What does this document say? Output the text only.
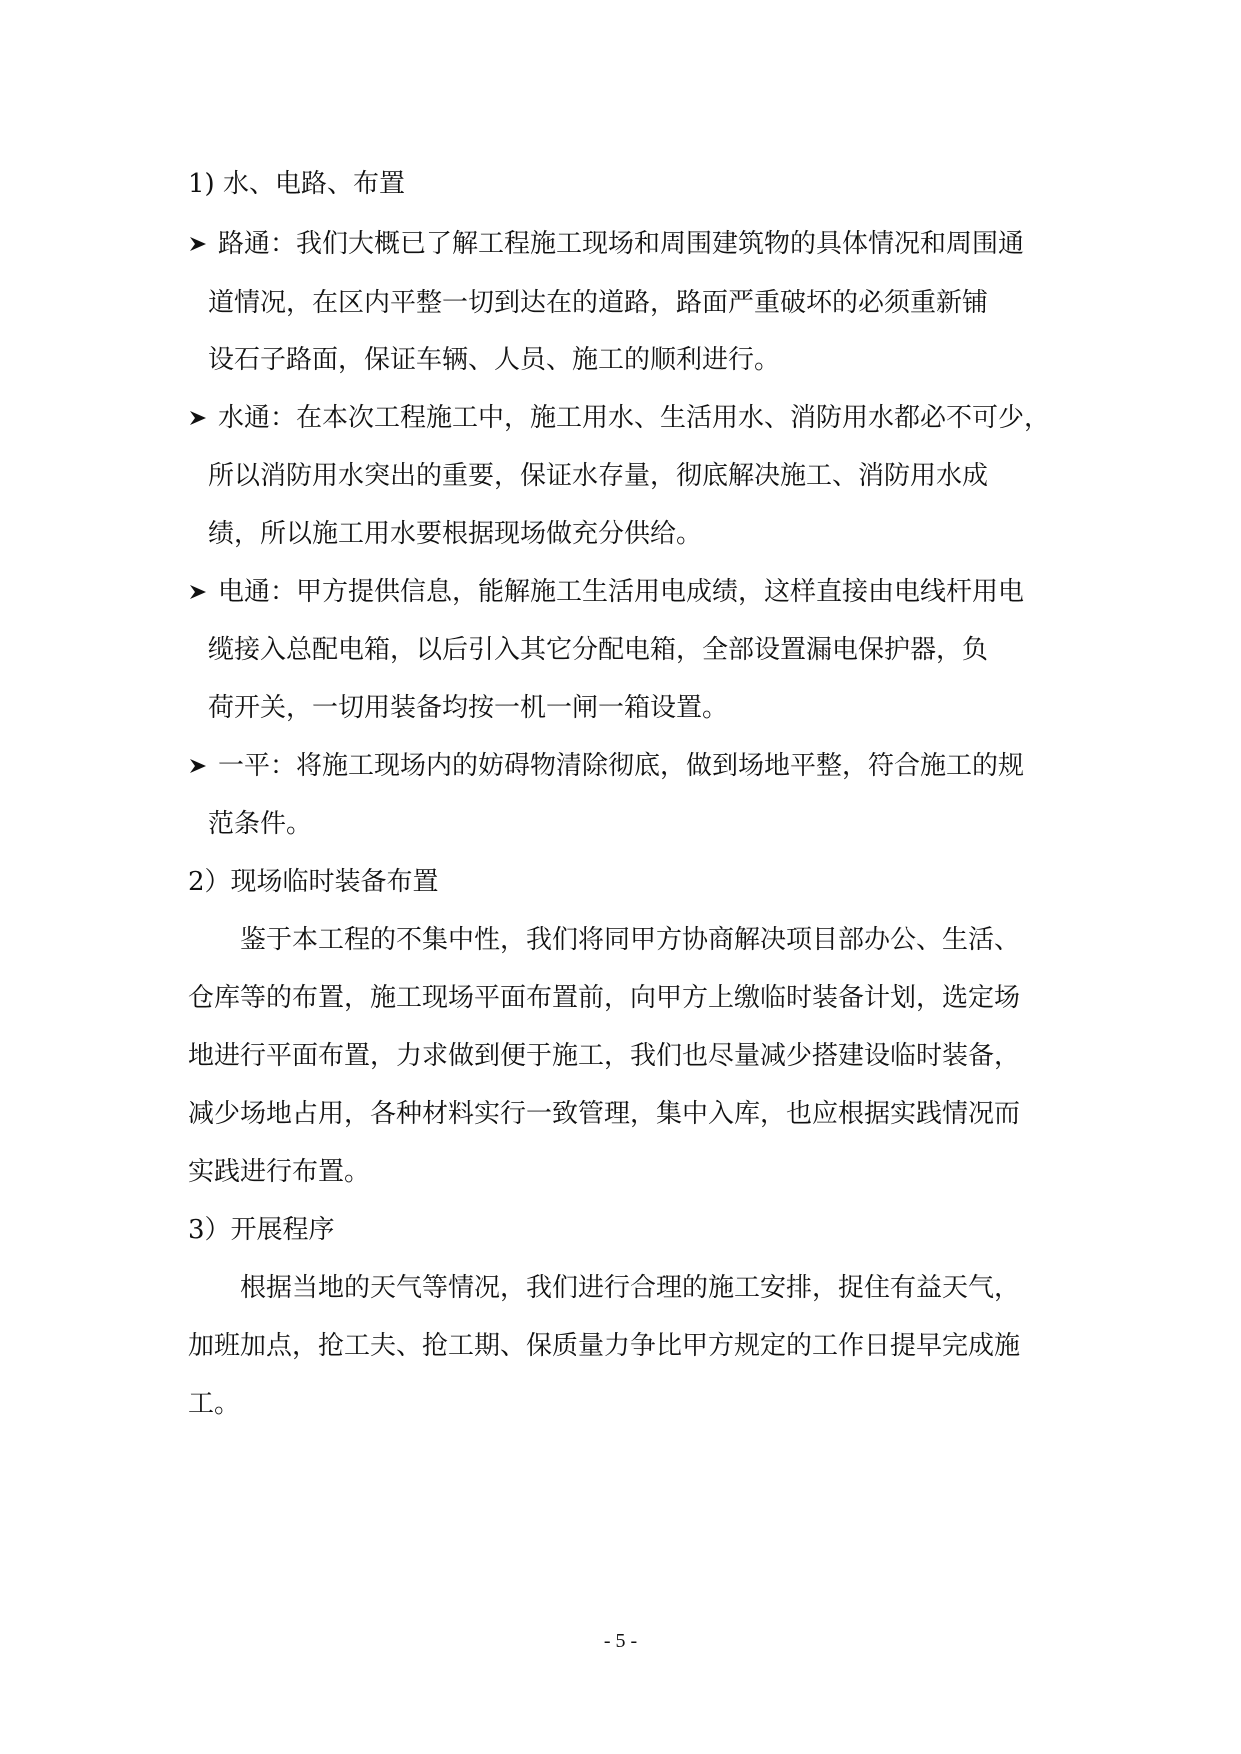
1) 水、电路、布置
路通：我们大概已了解工程施工现场和周围建筑物的具体情况和周围通
道情况，在区内平整一切到达在的道路，路面严重破坏的必须重新铺
设石子路面，保证车辆、人员、施工的顺利进行。
水通：在本次工程施工中，施工用水、生活用水、消防用水都必不可少，
所以消防用水突出的重要，保证水存量，彻底解决施工、消防用水成
绩，所以施工用水要根据现场做充分供给。
电通：甲方提供信息，能解施工生活用电成绩，这样直接由电线杆用电
缆接入总配电箱，以后引入其它分配电箱，全部设置漏电保护器，负
荷开关，一切用装备均按一机一闸一箱设置。
一平：将施工现场内的妨碍物清除彻底，做到场地平整，符合施工的规
范条件。
2）现场临时装备布置
鉴于本工程的不集中性，我们将同甲方协商解决项目部办公、生活、
仓库等的布置，施工现场平面布置前，向甲方上缴临时装备计划，选定场
地进行平面布置，力求做到便于施工，我们也尽量减少搭建设临时装备，
减少场地占用，各种材料实行一致管理，集中入库，也应根据实践情况而
实践进行布置。
3）开展程序
根据当地的天气等情况，我们进行合理的施工安排，捉住有益天气，
加班加点，抢工夫、抢工期、保质量力争比甲方规定的工作日提早完成施
工。
- 5 -
